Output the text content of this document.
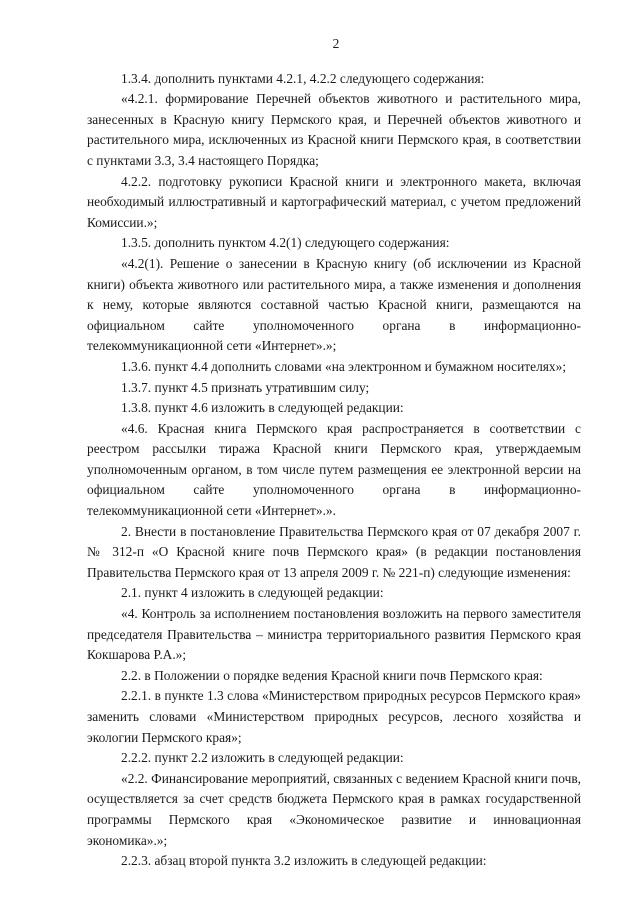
2

1.3.4. дополнить пунктами 4.2.1, 4.2.2 следующего содержания:

«4.2.1. формирование Перечней объектов животного и растительного мира, занесенных в Красную книгу Пермского края, и Перечней объектов животного и растительного мира, исключенных из Красной книги Пермского края, в соответствии с пунктами 3.3, 3.4 настоящего Порядка;

4.2.2. подготовку рукописи Красной книги и электронного макета, включая необходимый иллюстративный и картографический материал, с учетом предложений Комиссии.»;

1.3.5. дополнить пунктом 4.2(1) следующего содержания:

«4.2(1). Решение о занесении в Красную книгу (об исключении из Красной книги) объекта животного или растительного мира, а также изменения и дополнения к нему, которые являются составной частью Красной книги, размещаются на официальном сайте уполномоченного органа в информационно-телекоммуникационной сети «Интернет».»;

1.3.6. пункт 4.4 дополнить словами «на электронном и бумажном носителях»;

1.3.7. пункт 4.5 признать утратившим силу;

1.3.8. пункт 4.6 изложить в следующей редакции:

«4.6. Красная книга Пермского края распространяется в соответствии с реестром рассылки тиража Красной книги Пермского края, утверждаемым уполномоченным органом, в том числе путем размещения ее электронной версии на официальном сайте уполномоченного органа в информационно-телекоммуникационной сети «Интернет».».

2. Внести в постановление Правительства Пермского края от 07 декабря 2007 г. № 312-п «О Красной книге почв Пермского края» (в редакции постановления Правительства Пермского края от 13 апреля 2009 г. № 221-п) следующие изменения:

2.1. пункт 4 изложить в следующей редакции:

«4. Контроль за исполнением постановления возложить на первого заместителя председателя Правительства – министра территориального развития Пермского края Кокшарова Р.А.»;

2.2. в Положении о порядке ведения Красной книги почв Пермского края:

2.2.1. в пункте 1.3 слова «Министерством природных ресурсов Пермского края» заменить словами «Министерством природных ресурсов, лесного хозяйства и экологии Пермского края»;

2.2.2. пункт 2.2 изложить в следующей редакции:

«2.2. Финансирование мероприятий, связанных с ведением Красной книги почв, осуществляется за счет средств бюджета Пермского края в рамках государственной программы Пермского края «Экономическое развитие и инновационная экономика».»;

2.2.3. абзац второй пункта 3.2 изложить в следующей редакции:
